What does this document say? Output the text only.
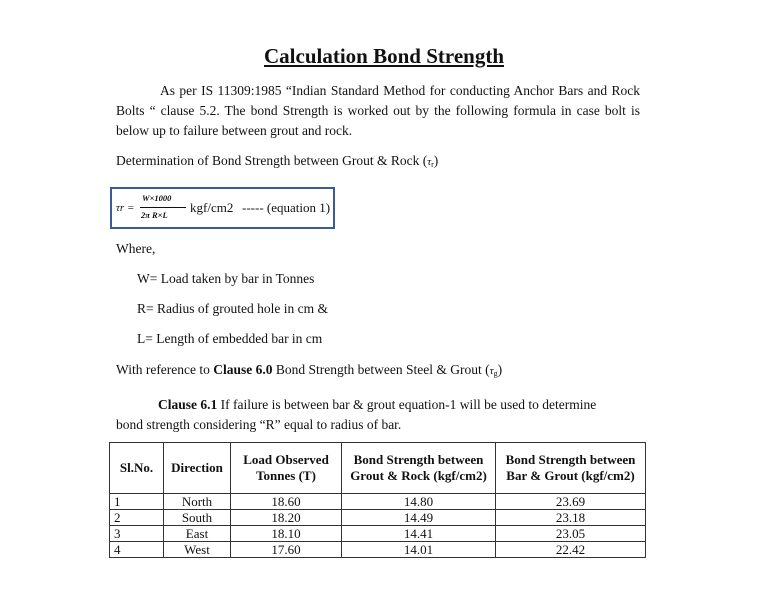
Calculation Bond Strength
As per IS 11309:1985 “Indian Standard Method for conducting Anchor Bars and Rock Bolts “ clause 5.2. The bond Strength is worked out by the following formula in case bolt is below up to failure between grout and rock.
Determination of Bond Strength between Grout & Rock $(\tau_r)$
τr =
W×1000
2π R×L kgf/cm2 ----- (equation 1)
Where,
W= Load taken by bar in Tonnes
R= Radius of grouted hole in cm &
L= Length of embedded bar in cm
With reference to Clause 6.0 Bond Strength between Steel & Grout $(\tau_g)$
Clause 6.1 If failure is between bar & grout equation-1 will be used to determine bond strength considering “R” equal to radius of bar.
Sl.No.	Direction	Load Observed Tonnes (T)	Bond Strength between Grout & Rock (kgf/cm2)	Bond Strength between Bar & Grout (kgf/cm2)
1	North	18.60	14.80	23.69
2	South	18.20	14.49	23.18
3	East	18.10	14.41	23.05
4	West	17.60	14.01	22.42
